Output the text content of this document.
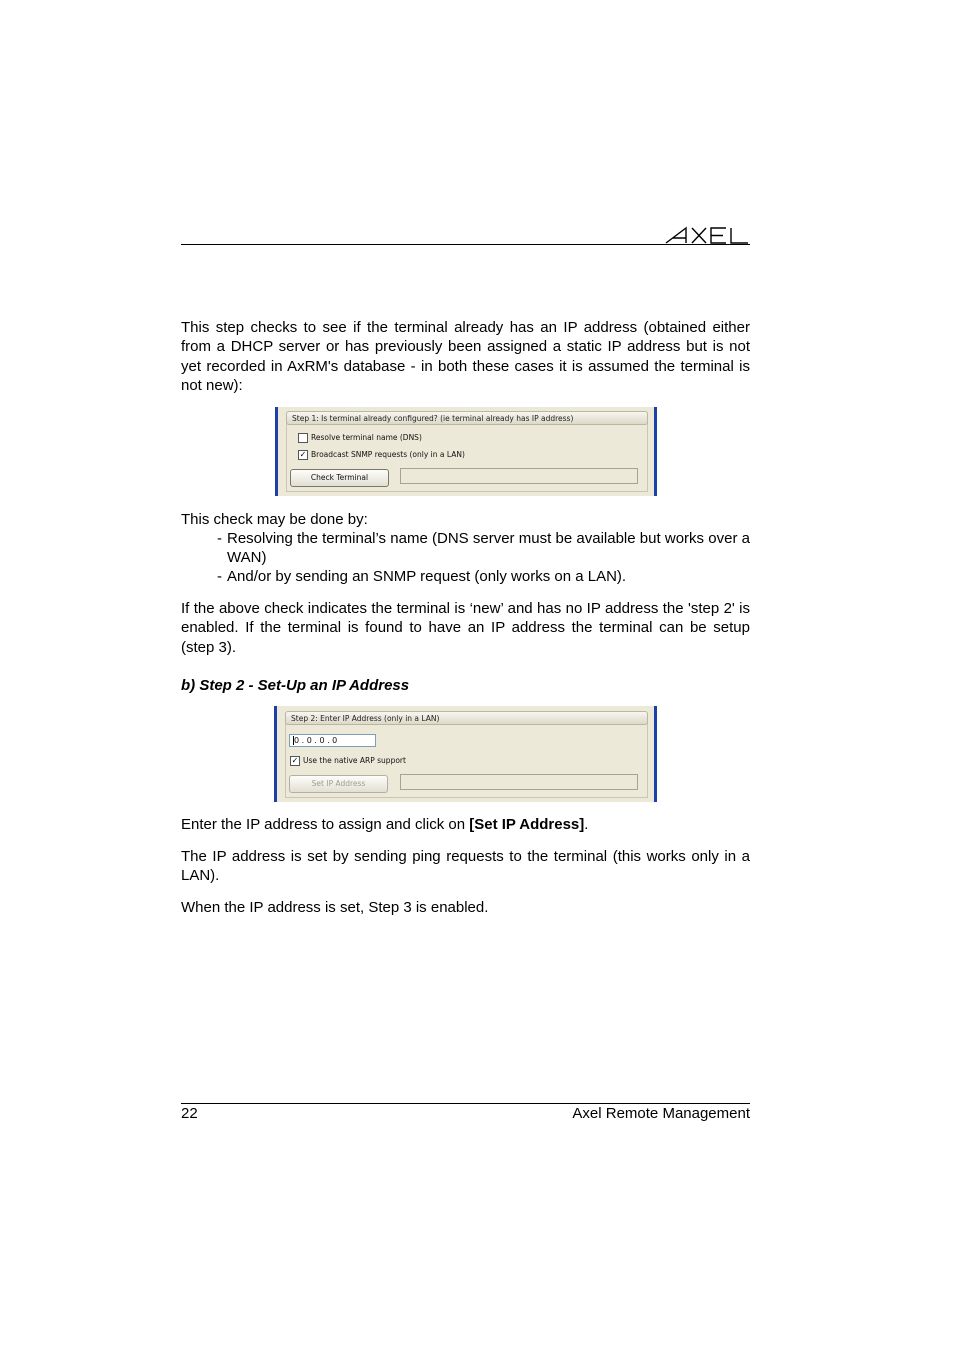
This step checks to see if the terminal already has an IP address (obtained either from a DHCP server or has previously been assigned a static IP address but is not yet recorded in AxRM's database - in both these cases it is assumed the terminal is not new):

Step 1: Is terminal already configured? (ie terminal already has IP address)
Resolve terminal name (DNS)
✓ Broadcast SNMP requests (only in a LAN)
Check Terminal
This check may be done by:
- Resolving the terminal’s name (DNS server must be available but works over a WAN)
- And/or by sending an SNMP request (only works on a LAN).

If the above check indicates the terminal is ‘new’ and has no IP address the 'step 2' is enabled. If the terminal is found to have an IP address the terminal can be setup (step 3).

b) Step 2 - Set-Up an IP Address
Step 2: Enter IP Address (only in a LAN)
0 . 0 . 0 . 0
✓ Use the native ARP support
Set IP Address

Enter the IP address to assign and click on [Set IP Address].

The IP address is set by sending ping requests to the terminal (this works only in a LAN).

When the IP address is set, Step 3 is enabled.

22	Axel Remote Management
